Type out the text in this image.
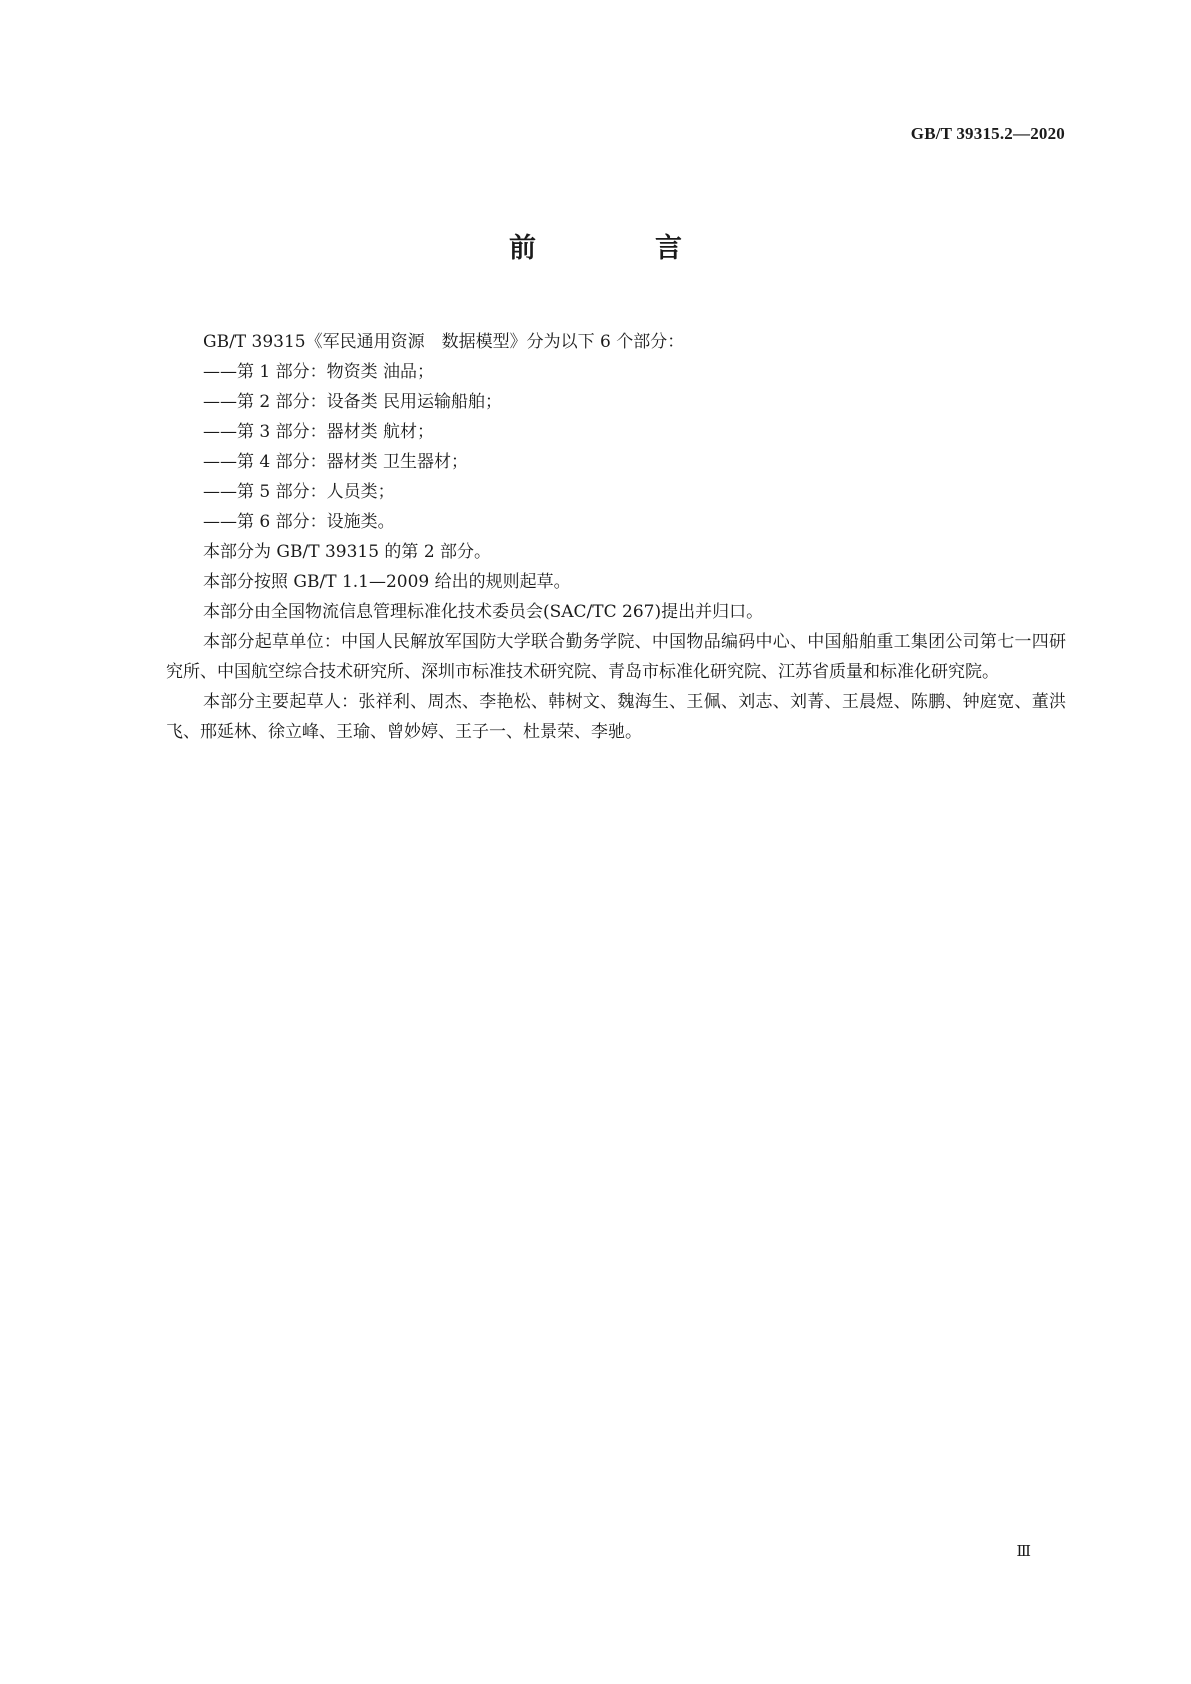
GB/T 39315.2—2020
前　言

GB/T 39315《军民通用资源　数据模型》分为以下 6 个部分：

——第 1 部分：物资类 油品；
——第 2 部分：设备类 民用运输船舶；
——第 3 部分：器材类 航材；
——第 4 部分：器材类 卫生器材；
——第 5 部分：人员类；
——第 6 部分：设施类。

本部分为 GB/T 39315 的第 2 部分。

本部分按照 GB/T 1.1—2009 给出的规则起草。

本部分由全国物流信息管理标准化技术委员会(SAC/TC 267)提出并归口。

本部分起草单位：中国人民解放军国防大学联合勤务学院、中国物品编码中心、中国船舶重工集团公司第七一四研究所、中国航空综合技术研究所、深圳市标准技术研究院、青岛市标准化研究院、江苏省质量和标准化研究院。

本部分主要起草人：张祥利、周杰、李艳松、韩树文、魏海生、王佩、刘志、刘菁、王晨煜、陈鹏、钟庭宽、董洪飞、邢延林、徐立峰、王瑜、曾妙婷、王子一、杜景荣、李驰。

Ⅲ
